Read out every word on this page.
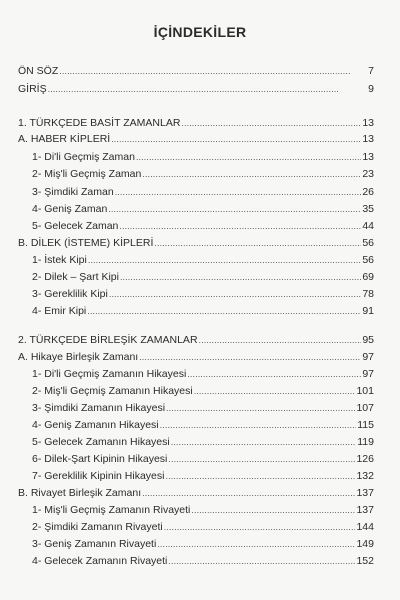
İÇİNDEKİLER
ÖN SÖZ . . .	7
GİRİŞ . . .	9
1. TÜRKÇEDE BASİT ZAMANLAR . . .	13
A. HABER KİPLERİ . . .	13
1- Di'li Geçmiş Zaman . . .	13
2- Miş'li Geçmiş Zaman . . .	23
3- Şimdiki Zaman . . .	26
4- Geniş Zaman . . .	35
5- Gelecek Zaman . . .	44
B. DİLEK (İSTEME) KİPLERİ . . .	56
1- İstek Kipi . . .	56
2- Dilek – Şart Kipi . . .	69
3- Gereklilik Kipi . . .	78
4- Emir Kipi . . .	91
2. TÜRKÇEDE BİRLEŞİK ZAMANLAR . . .	95
A. Hikaye Birleşik Zamanı . . .	97
1- Di'li Geçmiş Zamanın Hikayesi . . .	97
2- Miş'li Geçmiş Zamanın Hikayesi . . .	101
3- Şimdiki Zamanın Hikayesi . . .	107
4- Geniş Zamanın Hikayesi . . .	115
5- Gelecek Zamanın Hikayesi . . .	119
6- Dilek-Şart Kipinin Hikayesi . . .	126
7- Gereklilik Kipinin Hikayesi . . .	132
B. Rivayet Birleşik Zamanı . . .	137
1- Miş'li Geçmiş Zamanın Rivayeti . . .	137
2- Şimdiki Zamanın Rivayeti . . .	144
3- Geniş Zamanın Rivayeti . . .	149
4- Gelecek Zamanın Rivayeti . . .	152
